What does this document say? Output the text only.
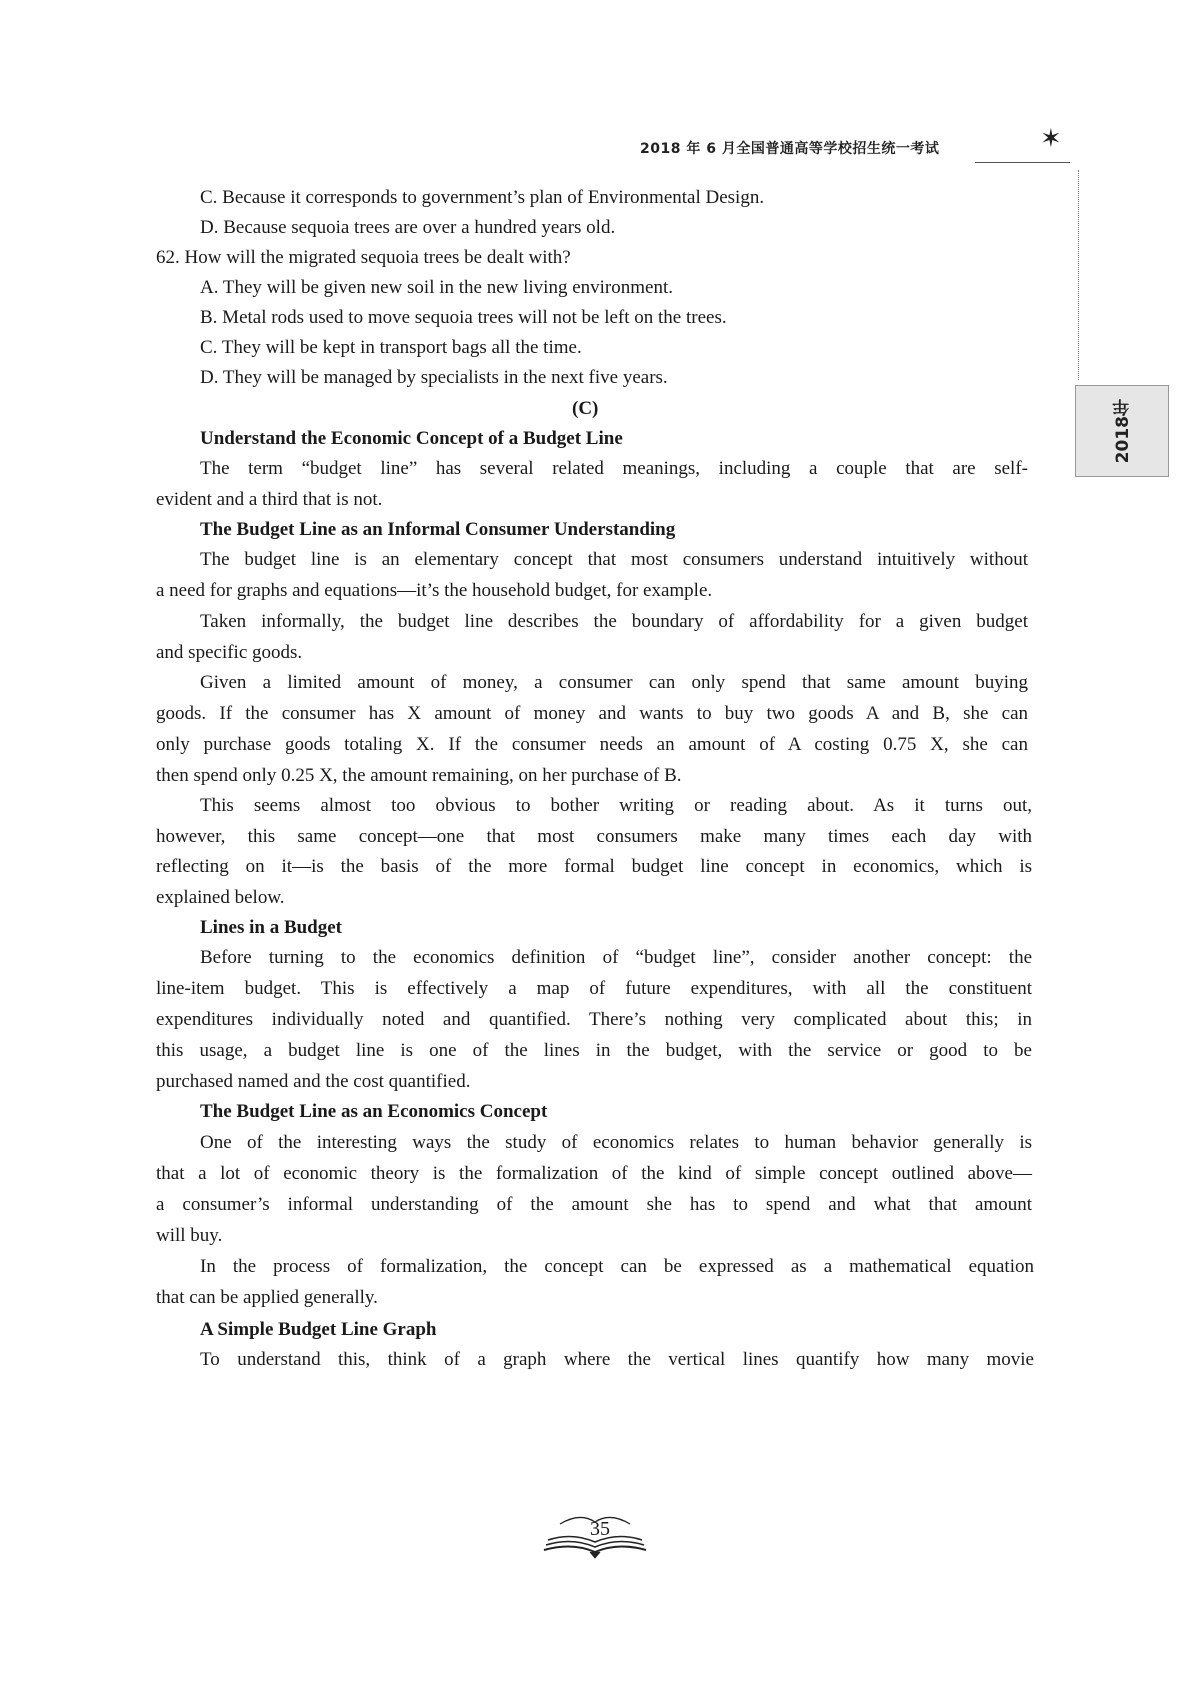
2018 年 6 月全国普通高等学校招生统一考试	✶
2018年
C. Because it corresponds to government’s plan of Environmental Design.
D. Because sequoia trees are over a hundred years old.
62. How will the migrated sequoia trees be dealt with?
A. They will be given new soil in the new living environment.
B. Metal rods used to move sequoia trees will not be left on the trees.
C. They will be kept in transport bags all the time.
D. They will be managed by specialists in the next five years.
(C)
Understand the Economic Concept of a Budget Line
The term “budget line” has several related meanings, including a couple that are self-
evident and a third that is not.
The Budget Line as an Informal Consumer Understanding
The budget line is an elementary concept that most consumers understand intuitively without
a need for graphs and equations—it’s the household budget, for example.
Taken informally, the budget line describes the boundary of affordability for a given budget
and specific goods.
Given a limited amount of money, a consumer can only spend that same amount buying
goods. If the consumer has X amount of money and wants to buy two goods A and B, she can
only purchase goods totaling X. If the consumer needs an amount of A costing 0.75 X, she can
then spend only 0.25 X, the amount remaining, on her purchase of B.
This seems almost too obvious to bother writing or reading about. As it turns out,
however, this same concept—one that most consumers make many times each day with
reflecting on it—is the basis of the more formal budget line concept in economics, which is
explained below.
Lines in a Budget
Before turning to the economics definition of “budget line”, consider another concept: the
line-item budget. This is effectively a map of future expenditures, with all the constituent
expenditures individually noted and quantified. There’s nothing very complicated about this; in
this usage, a budget line is one of the lines in the budget, with the service or good to be
purchased named and the cost quantified.
The Budget Line as an Economics Concept
One of the interesting ways the study of economics relates to human behavior generally is
that a lot of economic theory is the formalization of the kind of simple concept outlined above—
a consumer’s informal understanding of the amount she has to spend and what that amount
will buy.
In the process of formalization, the concept can be expressed as a mathematical equation
that can be applied generally.
A Simple Budget Line Graph
To understand this, think of a graph where the vertical lines quantify how many movie
35
